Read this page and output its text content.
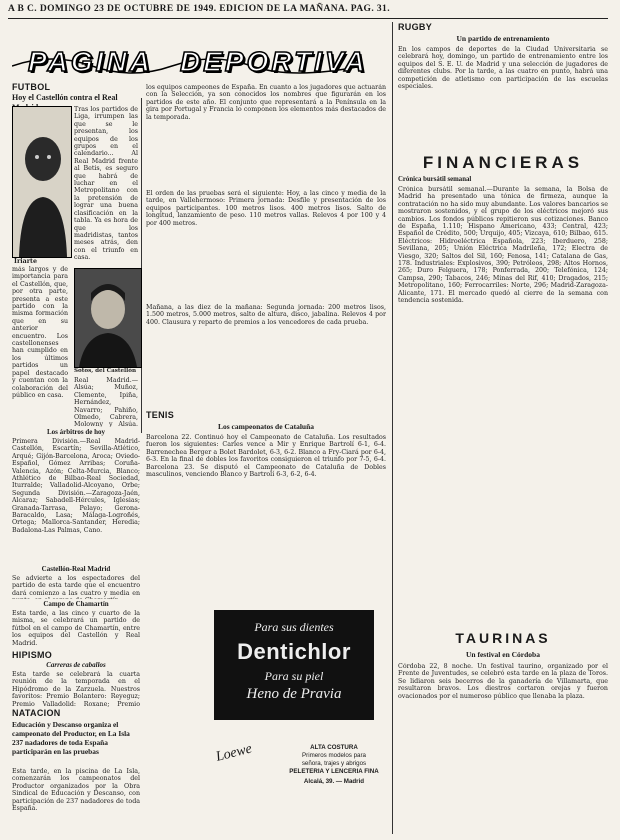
A B C. DOMINGO 23 DE OCTUBRE DE 1949. EDICION DE LA MAÑANA. PAG. 31.
PAGINA DEPORTIVA
FUTBOL
Hoy el Castellón contra el Real
Iriarte
Tras los partidos de Liga, irrumpen las que se le presentan, los equipos de los grupos en el calendario... Al Real Madrid frente al Betis, es seguro que habrá de luchar en el Metropolitano con la pretensión de lograr una buena clasificación en la tabla. Ya es hora de que los madridistas, tantos meses atrás, den con el triunfo en casa.
más largos y de importancia para el Castellón, que, por otra parte, presenta a este partido con la misma formación que en su anterior encuentro. Los castellonenses han cumplido en los últimos partidos un papel destacado y cuentan con la colaboración del público en casa.
Sotos, del Castellón
Real Madrid.—Alsúa; Muñoz, Clemente, Ipiña, Hernández, Navarro; Pahiño, Olmedo, Cabrera, Molowny y Alsúa.
Los árbitros de hoy
Primera División.—Real Madrid-Castellón, Escartín; Sevilla-Atlético, Arqué; Gijón-Barcelona, Aroca; Oviedo-Español, Gómez Arribas; Coruña-Valencia, Azón; Celta-Murcia, Blanco; Athlético de Bilbao-Real Sociedad, Iturralde; Valladolid-Alcoyano, Orbe; Segunda División.—Zaragoza-Jaén, Alcaraz; Sabadell-Hércules, Iglesias; Granada-Tarrasa, Pelayo; Gerona-Baracaldo, Lasa; Málaga-Logroñés, Ortega; Mallorca-Santander, Heredia; Badalona-Las Palmas, Cano.
Castellón-Real Madrid
Se advierte a los espectadores del partido de esta tarde que el encuentro dará comienzo a las cuatro y media en
Campo de Chamartín
Esta tarde, a las cinco y cuarto de la misma, se celebrará un partido de fútbol en el campo de Chamartín, entre los equipos del Castellón y Real Madrid.
HIPISMO
Carreras de caballos
Esta tarde se celebrará la cuarta reunión de la temporada en el Hipódromo de la Zarzuela. Nuestros favoritos: Premio Bolantero: Reyeguz; Premio Valladolid: Roxane; Premio
NATACION
Educación y Descanso organiza el campeonato del Productor, en La Isla 237 nadadores de toda España participarán en las pruebas
Esta tarde, en la piscina de La Isla, comenzarán los campeonatos del Productor organizados por la Obra Sindical de Educación y Descanso, con participación de 237 nadadores de toda España.
los equipos campeones de España. En cuanto a los jugadores que actuarán con la Selección, ya son conocidos los nombres que figurarán en los partidos de este año. El conjunto que representará a la Península en la gira por Portugal y Francia lo componen los elementos más destacados de la temporada.
El orden de las pruebas será el siguiente: Hoy, a las cinco y media de la tarde, en Vallehermoso: Primera jornada: Desfile y presentación de los equipos participantes. 100 metros lisos. 400 metros lisos. Salto de longitud, lanzamiento de peso. 110 metros vallas. Relevos 4 por 100 y 4 por 400 metros.
Mañana, a las diez de la mañana: Segunda jornada: 200 metros lisos, 1.500 metros, 5.000 metros, salto de altura, disco, jabalina. Relevos 4 por 400. Clausura y reparto de premios a los vencedores de cada prueba.
TENIS
Los campeonatos de Cataluña
Barcelona 22. Continuó hoy el Campeonato de Cataluña. Los resultados fueron los siguientes: Carles vence a Mir y Enrique Bartrolí 6-1, 6-4. Barrenechea Berger a Bolet Bardolet, 6-3, 6-2. Blanco a Fry-Ciará por 6-4, 6-3. En la final de dobles los favoritos consiguieron el triunfo por 7-5, 6-4. Barcelona 23. Se disputó el Campeonato de Cataluña de Dobles masculinos, venciendo Blanco y Bartrolí 6-3, 6-2, 6-4.
Para sus dientes
Dentichlor
Para su piel
Heno de Pravia
Loewe	ALTA COSTURA
Primeros modelos para
señora, trajes y abrigos
PELETERIA Y LENCERIA FINA
Alcalá, 39. — Madrid
RUGBY
Un partido de entrenamiento
En los campos de deportes de la Ciudad Universitaria se celebrará hoy, domingo, un partido de entrenamiento entre los equipos del S. E. U. de Madrid y una selección de jugadores de diferentes clubs. Por la tarde, a las cuatro en punto, habrá una competición de atletismo con participación de las escuelas especiales.
FINANCIERAS
Crónica bursátil semanal
Crónica bursátil semanal.—Durante la semana, la Bolsa de Madrid ha presentado una tónica de firmeza, aunque la contratación no ha sido muy abundante. Los valores bancarios se mostraron sostenidos, y el grupo de los eléctricos mejoró sus cambios. Los fondos públicos repitieron sus cotizaciones. Banco de España, 1.110; Hispano Americano, 433; Central, 423; Español de Crédito, 500; Urquijo, 405; Vizcaya, 610; Bilbao, 615. Eléctricos: Hidroeléctrica Española, 223; Iberduero, 258; Sevillana, 205; Unión Eléctrica Madrileña, 172; Electra de Viesgo, 320; Saltos del Sil, 160; Fenosa, 141; Catalana de Gas, 178. Industriales: Explosivos, 390; Petróleos, 298; Altos Hornos, 265; Duro Felguera, 178; Ponferrada, 200; Telefónica, 124; Campsa, 290; Tabacos, 246; Minas del Rif, 410; Dragados, 215; Metropolitano, 160; Ferrocarriles: Norte, 296; Madrid-Zaragoza-Alicante, 171. El mercado quedó al cierre de la semana con tendencia sostenida.
TAURINAS
Un festival en Córdoba
Córdoba 22, 8 noche. Un festival taurino, organizado por el Frente de Juventudes, se celebró esta tarde en la plaza de Toros. Se lidiaron seis becerros de la ganadería de Villamarta, que resultaron bravos. Los diestros cortaron orejas y fueron ovacionados por el numeroso público que llenaba la plaza.
